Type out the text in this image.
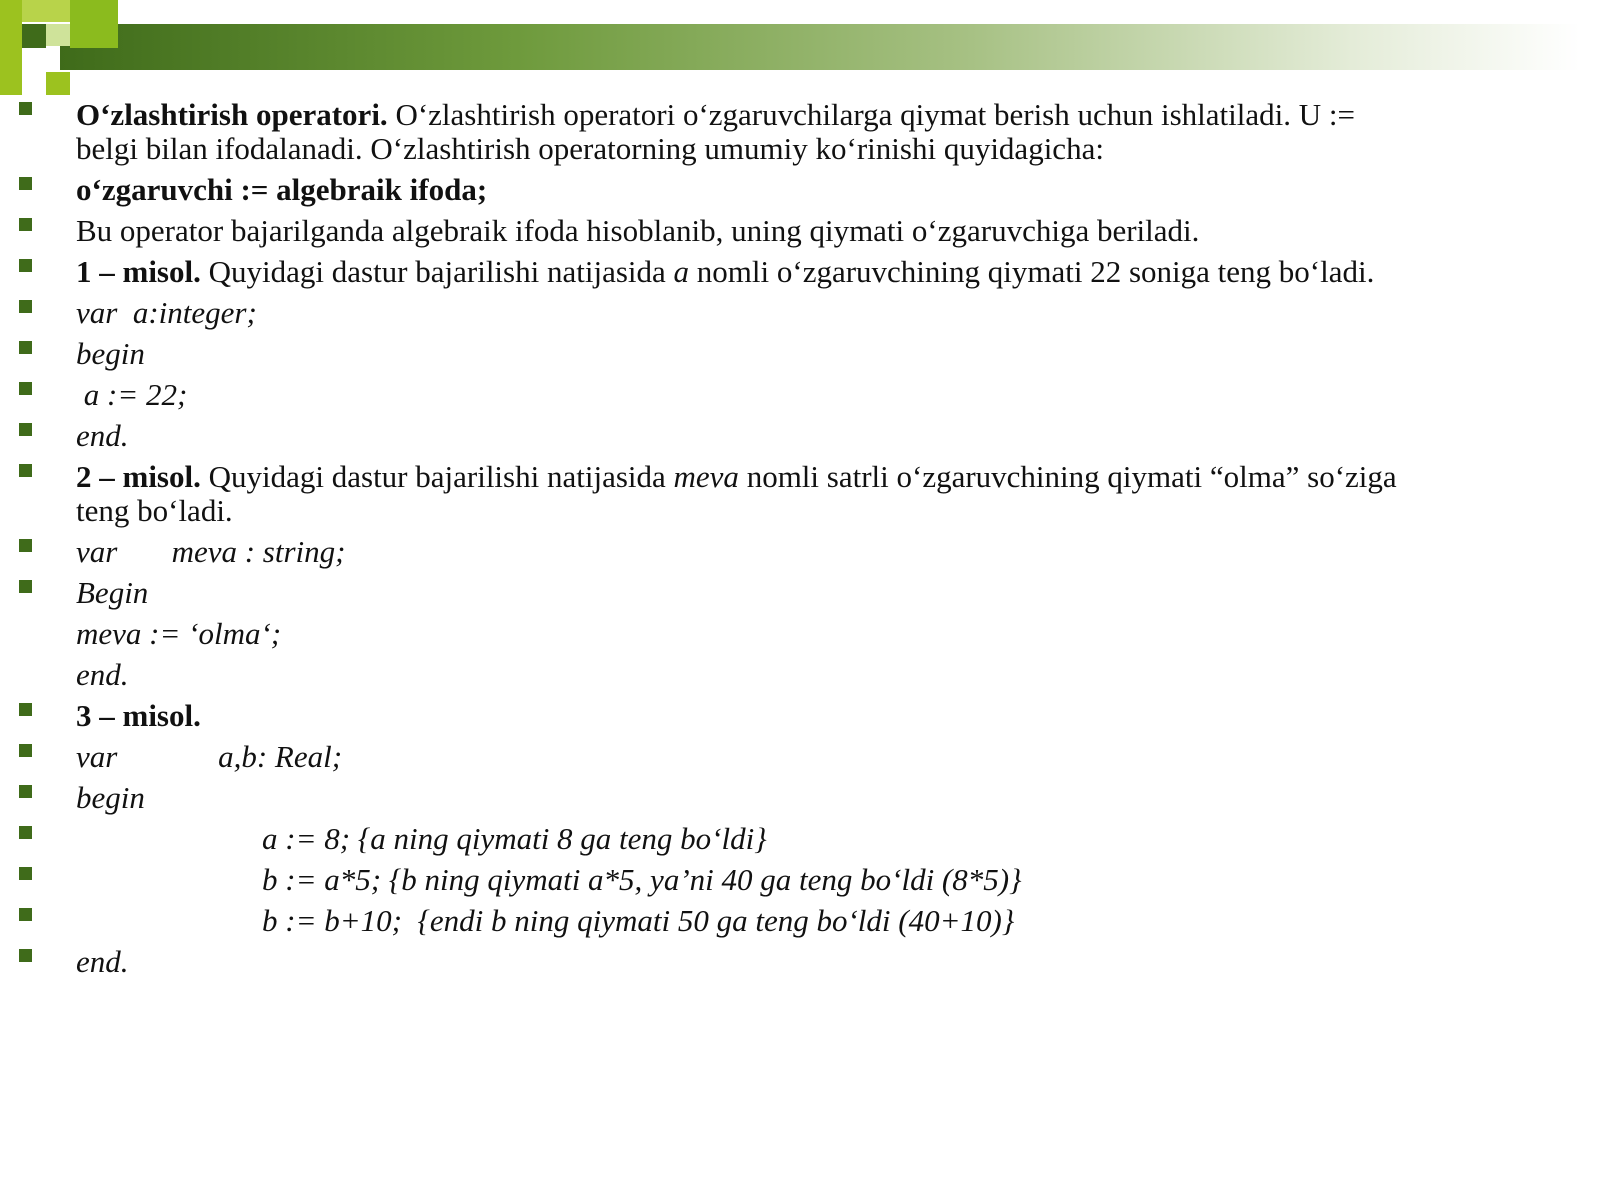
O‘zlashtirish operatori. O‘zlashtirish operatori o‘zgaruvchilarga qiymat berish uchun ishlatiladi. U := belgi bilan ifodalanadi. O‘zlashtirish operatorning umumiy ko‘rinishi quyidagicha:
o‘zgaruvchi := algebraik ifoda;
Bu operator bajarilganda algebraik ifoda hisoblanib, uning qiymati o‘zgaruvchiga beriladi.
1 – misol. Quyidagi dastur bajarilishi natijasida a nomli o‘zgaruvchining qiymati 22 soniga teng bo‘ladi.
var  a:integer;
begin
a := 22;
end.
2 – misol. Quyidagi dastur bajarilishi natijasida meva nomli satrli o‘zgaruvchining qiymati “olma” so‘ziga teng bo‘ladi.
var       meva : string;
Begin
meva := ‘olma‘;
end.
3 – misol.
var             a,b: Real;
begin
a := 8; {a ning qiymati 8 ga teng bo‘ldi}
b := a*5; {b ning qiymati a*5, ya’ni 40 ga teng bo‘ldi (8*5)}
b := b+10;  {endi b ning qiymati 50 ga teng bo‘ldi (40+10)}
end.
